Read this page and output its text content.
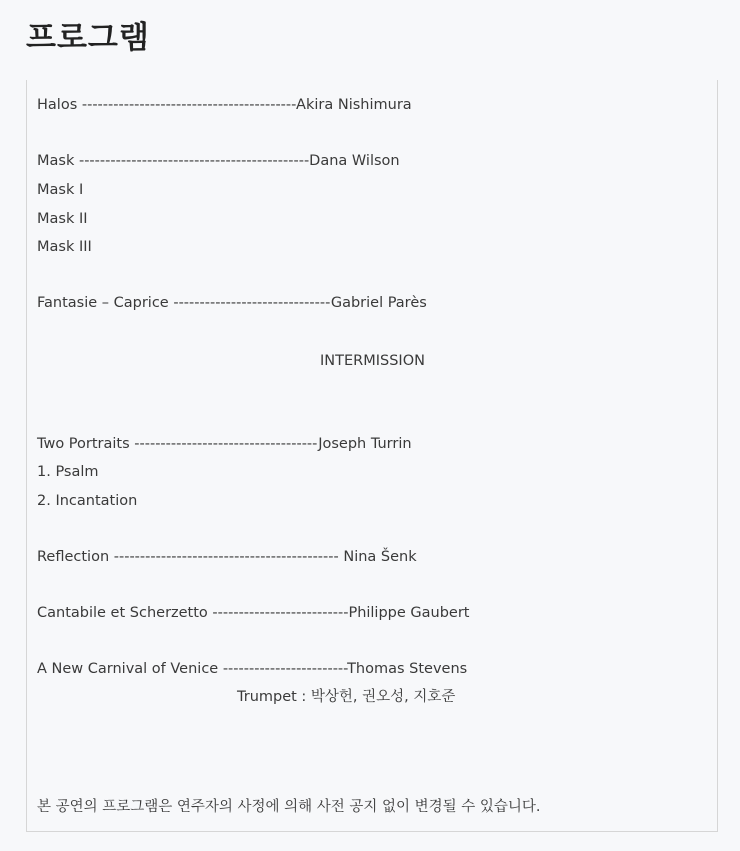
프로그램

Halos -----------------------------------------Akira Nishimura

Mask --------------------------------------------Dana Wilson

Mask I

Mask II

Mask III

Fantasie – Caprice ------------------------------Gabriel Parès

INTERMISSION

Two Portraits -----------------------------------Joseph Turrin

1. Psalm

2. Incantation

Reflection ------------------------------------------- Nina Šenk

Cantabile et Scherzetto --------------------------Philippe Gaubert

A New Carnival of Venice ------------------------Thomas Stevens

Trumpet : 박상헌, 권오성, 지호준

본 공연의 프로그램은 연주자의 사정에 의해 사전 공지 없이 변경될 수 있습니다.
